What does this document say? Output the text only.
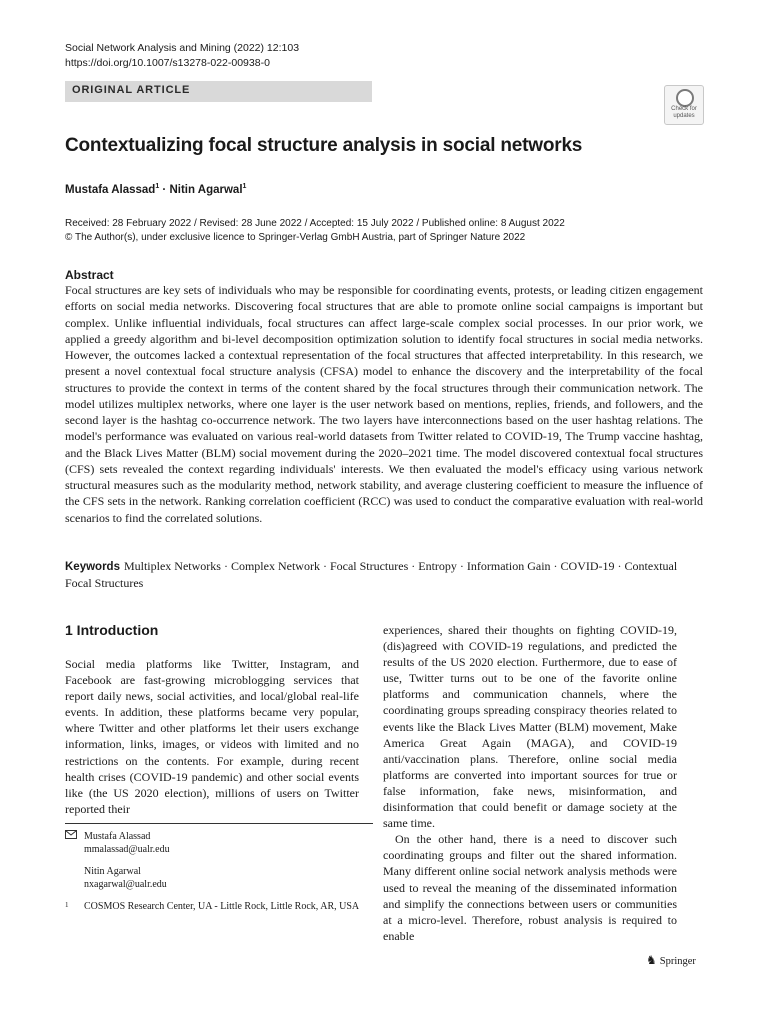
Social Network Analysis and Mining (2022) 12:103
https://doi.org/10.1007/s13278-022-00938-0
ORIGINAL ARTICLE
Check for
updates
Contextualizing focal structure analysis in social networks
Mustafa Alassad$^1$ · Nitin Agarwal$^1$
Received: 28 February 2022 / Revised: 28 June 2022 / Accepted: 15 July 2022 / Published online: 8 August 2022
© The Author(s), under exclusive licence to Springer-Verlag GmbH Austria, part of Springer Nature 2022
Abstract
Focal structures are key sets of individuals who may be responsible for coordinating events, protests, or leading citizen engagement efforts on social media networks. Discovering focal structures that are able to promote online social campaigns is important but complex. Unlike influential individuals, focal structures can affect large-scale complex social processes. In our prior work, we applied a greedy algorithm and bi-level decomposition optimization solution to identify focal structures in social media networks. However, the outcomes lacked a contextual representation of the focal structures that affected interpretability. In this research, we present a novel contextual focal structure analysis (CFSA) model to enhance the discovery and the interpretability of the focal structures to provide the context in terms of the content shared by the focal structures through their communication network. The model utilizes multiplex networks, where one layer is the user network based on mentions, replies, friends, and followers, and the second layer is the hashtag co-occurrence network. The two layers have interconnections based on the user hashtag relations. The model's performance was evaluated on various real-world datasets from Twitter related to COVID-19, The Trump vaccine hashtag, and the Black Lives Matter (BLM) social movement during the 2020–2021 time. The model discovered contextual focal structures (CFS) sets revealed the context regarding individuals' interests. We then evaluated the model's efficacy using various network structural measures such as the modularity method, network stability, and average clustering coefficient to measure the influence of the CFS sets in the network. Ranking correlation coefficient (RCC) was used to conduct the comparative evaluation with real-world scenarios to find the correlated solutions.
Keywords Multiplex Networks · Complex Network · Focal Structures · Entropy · Information Gain · COVID-19 · Contextual Focal Structures
1 Introduction
Social media platforms like Twitter, Instagram, and Facebook are fast-growing microblogging services that report daily news, social activities, and local/global real-life events. In addition, these platforms became very popular, where Twitter and other platforms let their users exchange information, links, images, or videos with limited and no restrictions on the contents. For example, during recent health crises (COVID-19 pandemic) and other social events like (the US 2020 election), millions of users on Twitter reported their

experiences, shared their thoughts on fighting COVID-19, (dis)agreed with COVID-19 regulations, and predicted the results of the US 2020 election. Furthermore, due to ease of use, Twitter turns out to be one of the favorite online platforms and communication channels, where the coordinating groups spreading conspiracy theories related to events like the Black Lives Matter (BLM) movement, Make America Great Again (MAGA), and COVID-19 anti/vaccination plans. Therefore, online social media platforms are converted into important sources for true or false information, fake news, misinformation, and disinformation that could benefit or damage society at the same time.

On the other hand, there is a need to discover such coordinating groups and filter out the shared information. Many different online social network analysis methods were used to reveal the meaning of the disseminated information and simplify the connections between users or communities at a micro-level. Therefore, robust analysis is required to enable

Mustafa Alassad
mmalassad@ualr.edu
Nitin Agarwal
nxagarwal@ualr.edu
1 COSMOS Research Center, UA - Little Rock, Little Rock, AR, USA
♞ Springer
